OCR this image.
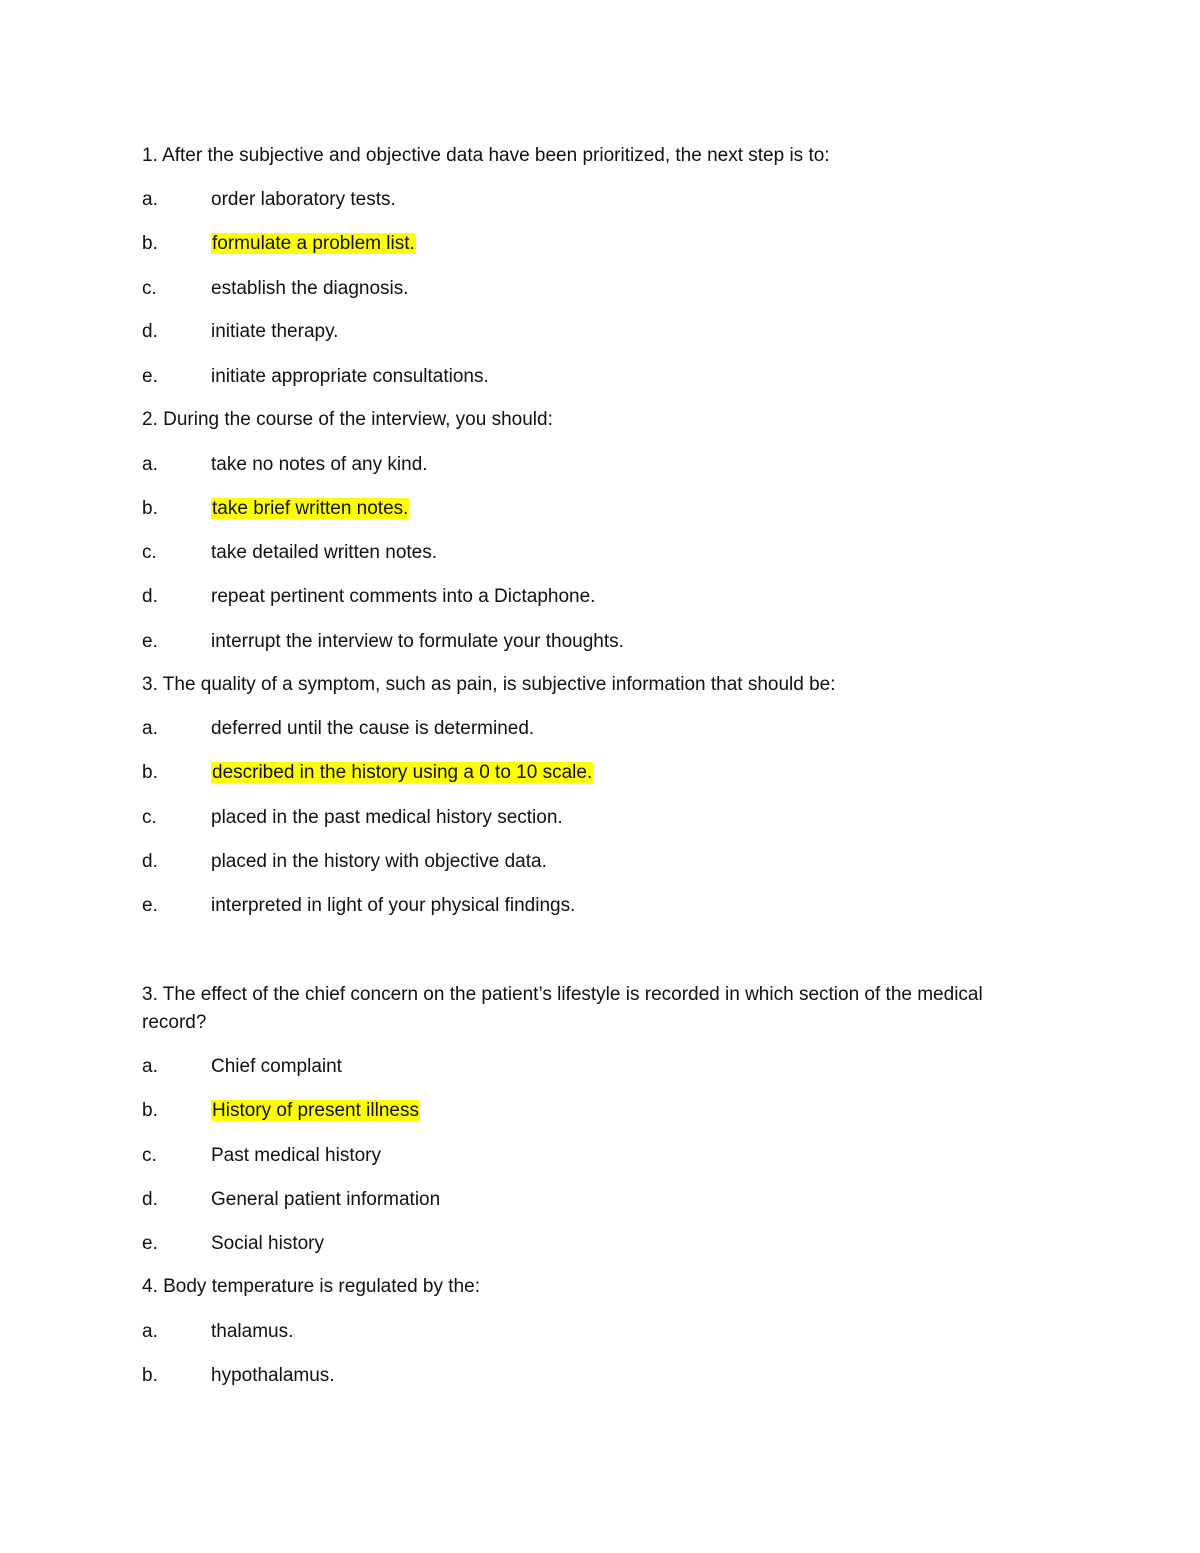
1. After the subjective and objective data have been prioritized, the next step is to:
a.	order laboratory tests.
b.	formulate a problem list.
c.	establish the diagnosis.
d.	initiate therapy.
e.	initiate appropriate consultations.
2. During the course of the interview, you should:
a.	take no notes of any kind.
b.	take brief written notes.
c.	take detailed written notes.
d.	repeat pertinent comments into a Dictaphone.
e.	interrupt the interview to formulate your thoughts.
3. The quality of a symptom, such as pain, is subjective information that should be:
a.	deferred until the cause is determined.
b.	described in the history using a 0 to 10 scale.
c.	placed in the past medical history section.
d.	placed in the history with objective data.
e.	interpreted in light of your physical findings.
3. The effect of the chief concern on the patient’s lifestyle is recorded in which section of the medical record?
a.	Chief complaint
b.	History of present illness
c.	Past medical history
d.	General patient information
e.	Social history
4. Body temperature is regulated by the:
a.	thalamus.
b.	hypothalamus.
